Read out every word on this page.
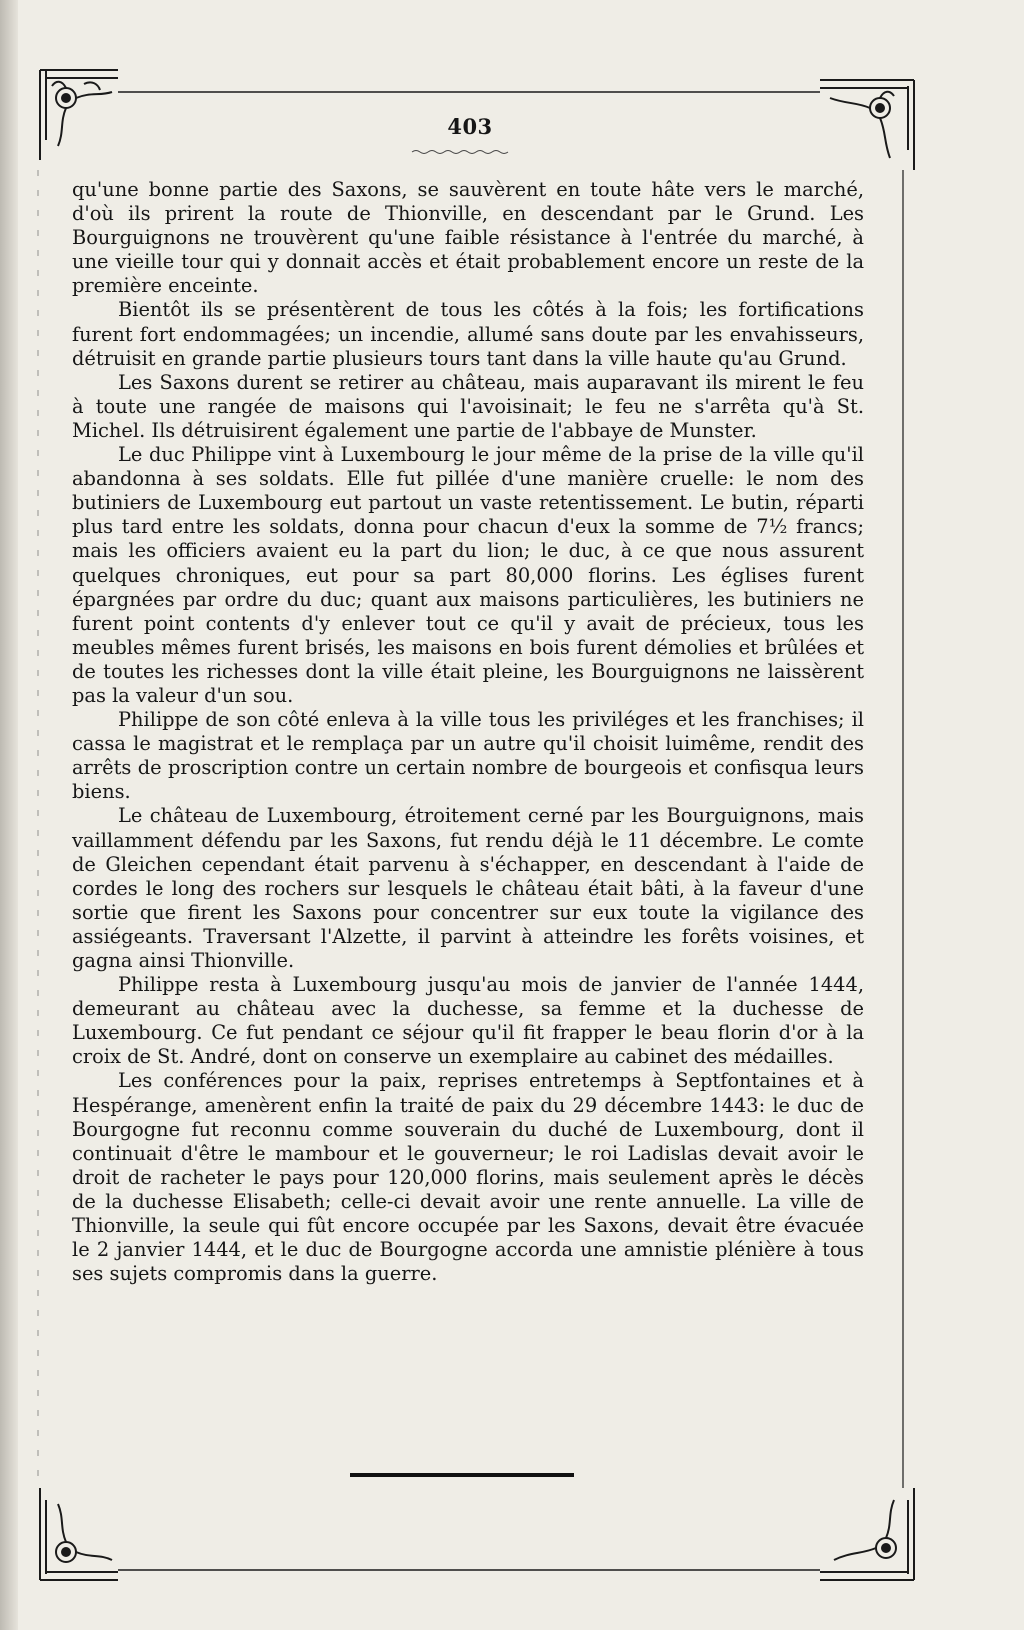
403

qu'une bonne partie des Saxons, se sauvèrent en toute hâte vers le marché, d'où ils prirent la route de Thionville, en descendant par le Grund. Les Bourguignons ne trouvèrent qu'une faible résistance à l'entrée du marché, à une vieille tour qui y donnait accès et était probablement encore un reste de la première enceinte.

Bientôt ils se présentèrent de tous les côtés à la fois; les fortifications furent fort endommagées; un incendie, allumé sans doute par les envahisseurs, détruisit en grande partie plusieurs tours tant dans la ville haute qu'au Grund.

Les Saxons durent se retirer au château, mais auparavant ils mirent le feu à toute une rangée de maisons qui l'avoisinait; le feu ne s'arrêta qu'à St. Michel. Ils détruisirent également une partie de l'abbaye de Munster.

Le duc Philippe vint à Luxembourg le jour même de la prise de la ville qu'il abandonna à ses soldats. Elle fut pillée d'une manière cruelle: le nom des butiniers de Luxembourg eut partout un vaste retentissement. Le butin, réparti plus tard entre les soldats, donna pour chacun d'eux la somme de 7½ francs; mais les officiers avaient eu la part du lion; le duc, à ce que nous assurent quelques chroniques, eut pour sa part 80,000 florins. Les églises furent épargnées par ordre du duc; quant aux maisons particulières, les butiniers ne furent point contents d'y enlever tout ce qu'il y avait de précieux, tous les meubles mêmes furent brisés, les maisons en bois furent démolies et brûlées et de toutes les richesses dont la ville était pleine, les Bourguignons ne laissèrent pas la valeur d'un sou.

Philippe de son côté enleva à la ville tous les priviléges et les franchises; il cassa le magistrat et le remplaça par un autre qu'il choisit luimême, rendit des arrêts de proscription contre un certain nombre de bourgeois et confisqua leurs biens.

Le château de Luxembourg, étroitement cerné par les Bourguignons, mais vaillamment défendu par les Saxons, fut rendu déjà le 11 décembre. Le comte de Gleichen cependant était parvenu à s'échapper, en descendant à l'aide de cordes le long des rochers sur lesquels le château était bâti, à la faveur d'une sortie que firent les Saxons pour concentrer sur eux toute la vigilance des assiégeants. Traversant l'Alzette, il parvint à atteindre les forêts voisines, et gagna ainsi Thionville.

Philippe resta à Luxembourg jusqu'au mois de janvier de l'année 1444, demeurant au château avec la duchesse, sa femme et la duchesse de Luxembourg. Ce fut pendant ce séjour qu'il fit frapper le beau florin d'or à la croix de St. André, dont on conserve un exemplaire au cabinet des médailles.

Les conférences pour la paix, reprises entretemps à Septfontaines et à Hespérange, amenèrent enfin la traité de paix du 29 décembre 1443: le duc de Bourgogne fut reconnu comme souverain du duché de Luxembourg, dont il continuait d'être le mambour et le gouverneur; le roi Ladislas devait avoir le droit de racheter le pays pour 120,000 florins, mais seulement après le décès de la duchesse Elisabeth; celle-ci devait avoir une rente annuelle. La ville de Thionville, la seule qui fût encore occupée par les Saxons, devait être évacuée le 2 janvier 1444, et le duc de Bourgogne accorda une amnistie plénière à tous ses sujets compromis dans la guerre.
